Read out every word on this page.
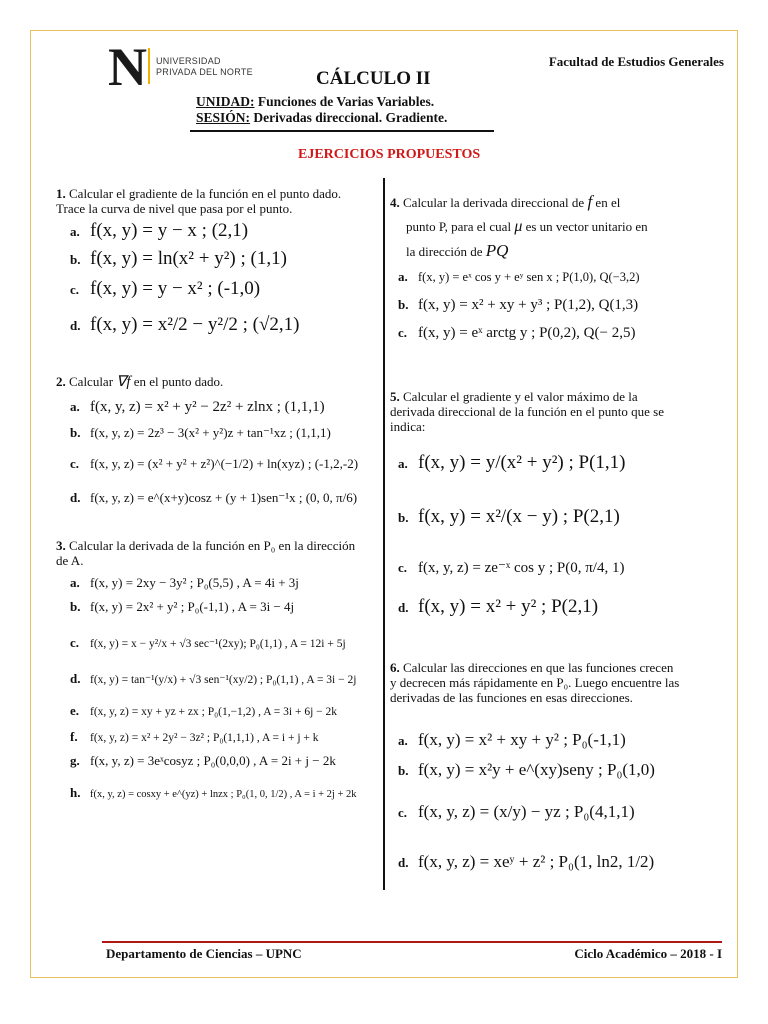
N UNIVERSIDAD
PRIVADA DEL NORTE
Facultad de Estudios Generales
CÁLCULO II
UNIDAD: Funciones de Varias Variables.
SESIÓN: Derivadas direccional. Gradiente.
EJERCICIOS PROPUESTOS
1. Calcular el gradiente de la función en el punto dado. Trace la curva de nivel que pasa por el punto.
a. f(x, y) = y − x ; (2,1)
b. f(x, y) = ln(x² + y²) ; (1,1)
c. f(x, y) = y − x² ; (-1,0)
d. f(x, y) = x²/2 − y²/2 ; (√2,1)
2. Calcular ∇f en el punto dado.
a. f(x, y, z) = x² + y² − 2z² + zlnx ; (1,1,1)
b. f(x, y, z) = 2z³ − 3(x² + y²)z + tan⁻¹xz ; (1,1,1)
c. f(x, y, z) = (x² + y² + z²)^(−1/2) + ln(xyz) ; (-1,2,-2)
d. f(x, y, z) = e^(x+y)cosz + (y + 1)sen⁻¹x ; (0, 0, π/6)
3. Calcular la derivada de la función en P₀ en la dirección de A.
a. f(x, y) = 2xy − 3y² ; P₀(5,5) , A = 4i + 3j
b. f(x, y) = 2x² + y² ; P₀(-1,1) , A = 3i − 4j
c. f(x, y) = x − y²/x + √3 sec⁻¹(2xy); P₀(1,1) , A = 12i + 5j
d. f(x, y) = tan⁻¹(y/x) + √3 sen⁻¹(xy/2) ; P₀(1,1) , A = 3i − 2j
e. f(x, y, z) = xy + yz + zx ; P₀(1,−1,2) , A = 3i + 6j − 2k
f. f(x, y, z) = x² + 2y² − 3z² ; P₀(1,1,1) , A = i + j + k
g. f(x, y, z) = 3eˣcosyz ; P₀(0,0,0) , A = 2i + j − 2k
h. f(x, y, z) = cosxy + e^(yz) + lnzx ; P₀(1, 0, 1/2) , A = i + 2j + 2k
4. Calcular la derivada direccional de f en el
punto P, para el cual μ es un vector unitario en
la dirección de PQ
a. f(x, y) = eˣ cos y + eʸ sen x ; P(1,0), Q(−3,2)
b. f(x, y) = x² + xy + y³ ; P(1,2), Q(1,3)
c. f(x, y) = eˣ arctg y ; P(0,2), Q(− 2,5)
5. Calcular el gradiente y el valor máximo de la derivada direccional de la función en el punto que se indica:
a. f(x, y) = y/(x² + y²) ; P(1,1)
b. f(x, y) = x²/(x − y) ; P(2,1)
c. f(x, y, z) = ze⁻ˣ cos y ; P(0, π/4, 1)
d. f(x, y) = x² + y² ; P(2,1)
6. Calcular las direcciones en que las funciones crecen y decrecen más rápidamente en P₀. Luego encuentre las derivadas de las funciones en esas direcciones.
a. f(x, y) = x² + xy + y² ; P₀(-1,1)
b. f(x, y) = x²y + e^(xy)seny ; P₀(1,0)
c. f(x, y, z) = (x/y) − yz ; P₀(4,1,1)
d. f(x, y, z) = xeʸ + z² ; P₀(1, ln2, 1/2)
Departamento de Ciencias – UPNC	Ciclo Académico – 2018 - I
